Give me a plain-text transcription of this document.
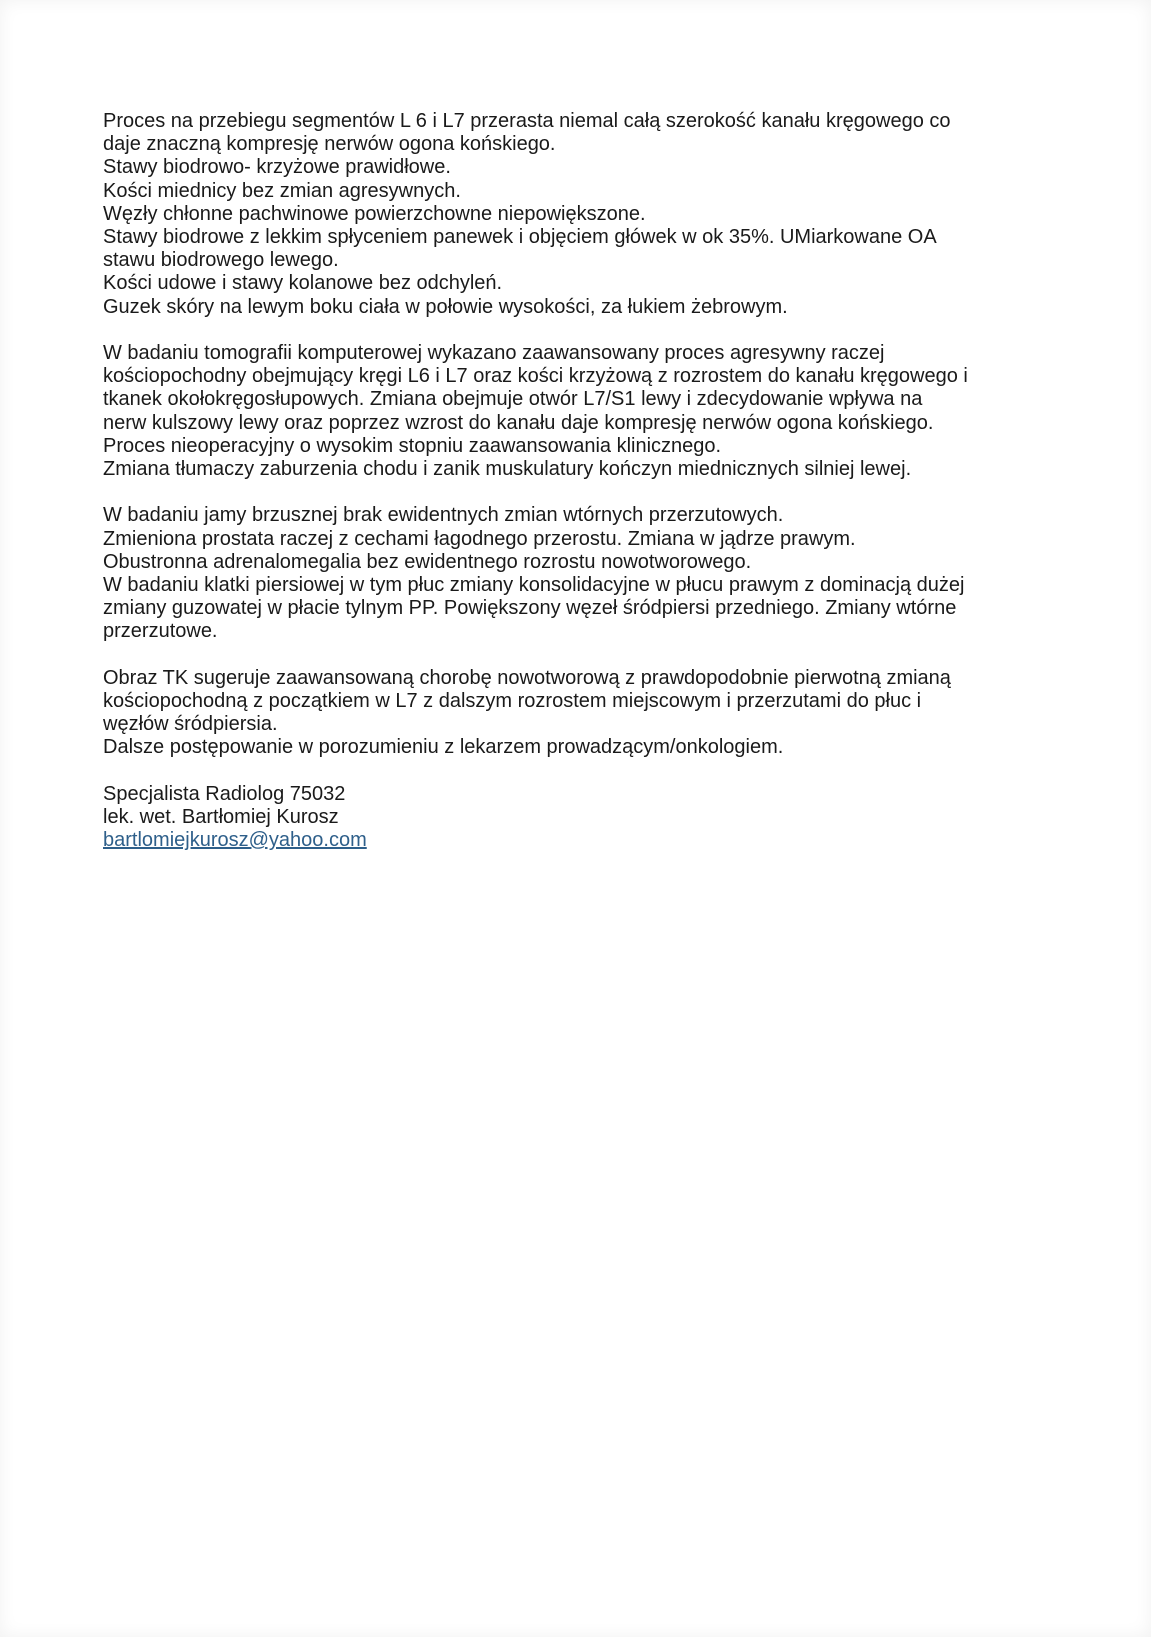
Proces na przebiegu segmentów L 6 i L7 przerasta niemal całą szerokość kanału kręgowego co
daje znaczną kompresję nerwów ogona końskiego.
Stawy biodrowo- krzyżowe prawidłowe.
Kości miednicy bez zmian agresywnych.
Węzły chłonne pachwinowe powierzchowne niepowiększone.
Stawy biodrowe z lekkim spłyceniem panewek i objęciem główek w ok 35%. UMiarkowane OA
stawu biodrowego lewego.
Kości udowe i stawy kolanowe bez odchyleń.
Guzek skóry na lewym boku ciała w połowie wysokości, za łukiem żebrowym.
W badaniu tomografii komputerowej wykazano zaawansowany proces agresywny raczej
kościopochodny obejmujący kręgi L6 i L7 oraz kości krzyżową z rozrostem do kanału kręgowego i
tkanek okołokręgosłupowych. Zmiana obejmuje otwór L7/S1 lewy i zdecydowanie wpływa na
nerw kulszowy lewy oraz poprzez wzrost do kanału daje kompresję nerwów ogona końskiego.
Proces nieoperacyjny o wysokim stopniu zaawansowania klinicznego.
Zmiana tłumaczy zaburzenia chodu i zanik muskulatury kończyn miednicznych silniej lewej.
W badaniu jamy brzusznej brak ewidentnych zmian wtórnych przerzutowych.
Zmieniona prostata raczej z cechami łagodnego przerostu. Zmiana w jądrze prawym.
Obustronna adrenalomegalia bez ewidentnego rozrostu nowotworowego.
W badaniu klatki piersiowej w tym płuc zmiany konsolidacyjne w płucu prawym z dominacją dużej
zmiany guzowatej w płacie tylnym PP. Powiększony węzeł śródpiersi przedniego. Zmiany wtórne
przerzutowe.
Obraz TK sugeruje zaawansowaną chorobę nowotworową z prawdopodobnie pierwotną zmianą
kościopochodną z początkiem w L7 z dalszym rozrostem miejscowym i przerzutami do płuc i
węzłów śródpiersia.
Dalsze postępowanie w porozumieniu z lekarzem prowadzącym/onkologiem.
Specjalista Radiolog 75032
lek. wet. Bartłomiej Kurosz
bartlomiejkurosz@yahoo.com
